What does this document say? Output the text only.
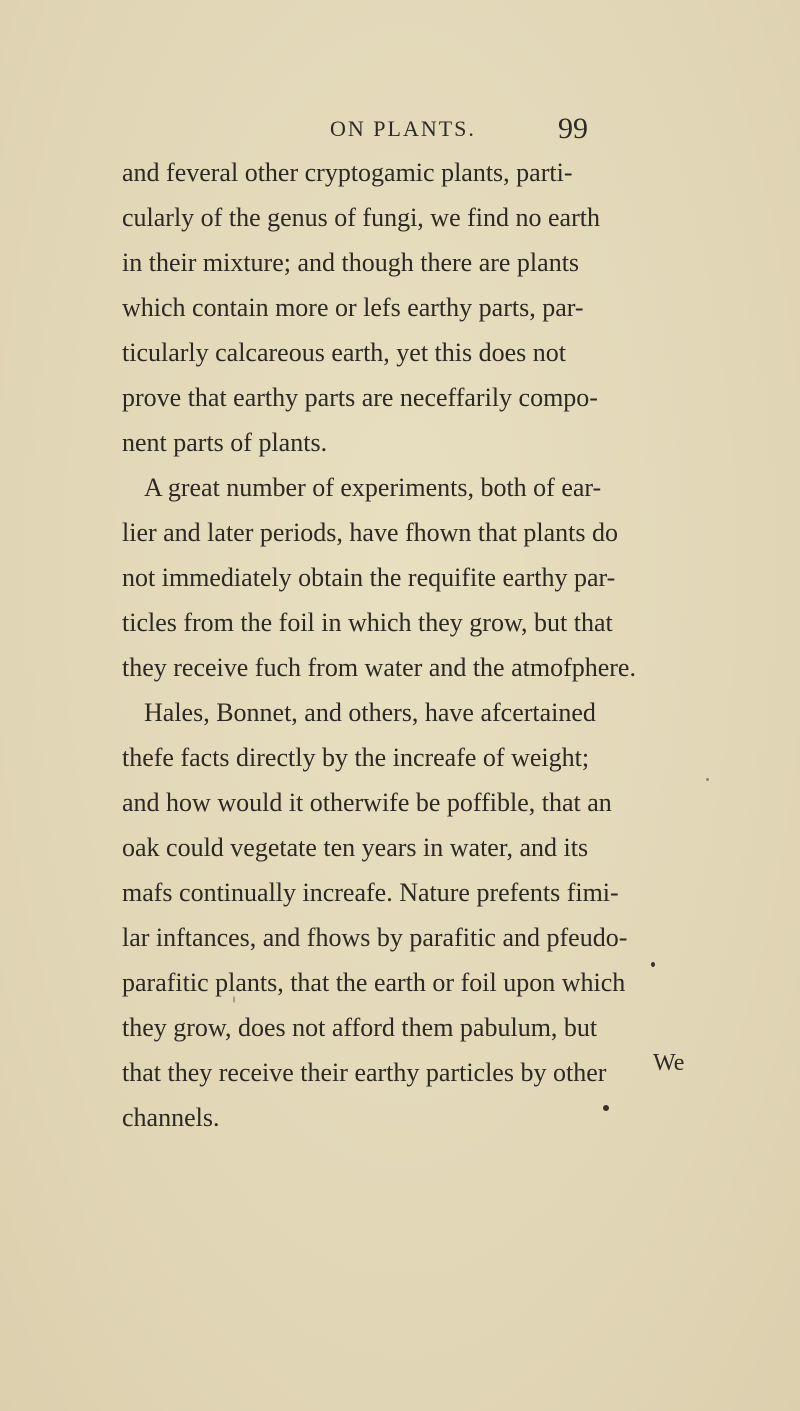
ON PLANTS.	99
and feveral other cryptogamic plants, parti-
cularly of the genus of fungi, we find no earth
in their mixture; and though there are plants
which contain more or lefs earthy parts, par-
ticularly calcareous earth, yet this does not
prove that earthy parts are neceffarily compo-
nent parts of plants.
A great number of experiments, both of ear-
lier and later periods, have fhown that plants do
not immediately obtain the requifite earthy par-
ticles from the foil in which they grow, but that
they receive fuch from water and the atmofphere.
Hales, Bonnet, and others, have afcertained
thefe facts directly by the increafe of weight;
and how would it otherwife be poffible, that an
oak could vegetate ten years in water, and its
mafs continually increafe. Nature prefents fimi-
lar inftances, and fhows by parafitic and pfeudo-
parafitic plants, that the earth or foil upon which
they grow, does not afford them pabulum, but
that they receive their earthy particles by other
channels.
We
